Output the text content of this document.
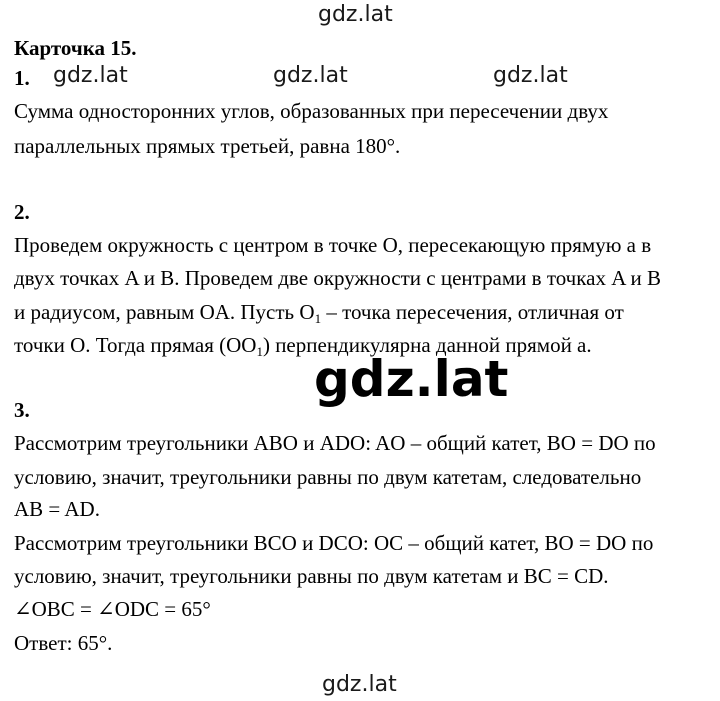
gdz.lat
gdz.lat	gdz.lat	gdz.lat
gdz.lat
gdz.lat
Карточка 15.
1.
Сумма односторонних углов, образованных при пересечении двух
параллельных прямых третьей, равна 180°.
2.
Проведем окружность с центром в точке O, пересекающую прямую a в
двух точках A и B. Проведем две окружности с центрами в точках A и B
и радиусом, равным OA. Пусть $O_1$ – точка пересечения, отличная от
точки O. Тогда прямая $(OO_1)$ перпендикулярна данной прямой a.
3.
Рассмотрим треугольники ABO и ADO: AO – общий катет, BO = DO по
условию, значит, треугольники равны по двум катетам, следовательно
AB = AD.
Рассмотрим треугольники BCO и DCO: OC – общий катет, BO = DO по
условию, значит, треугольники равны по двум катетам и BC = CD.
∠OBC = ∠ODC = 65°
Ответ: 65°.
